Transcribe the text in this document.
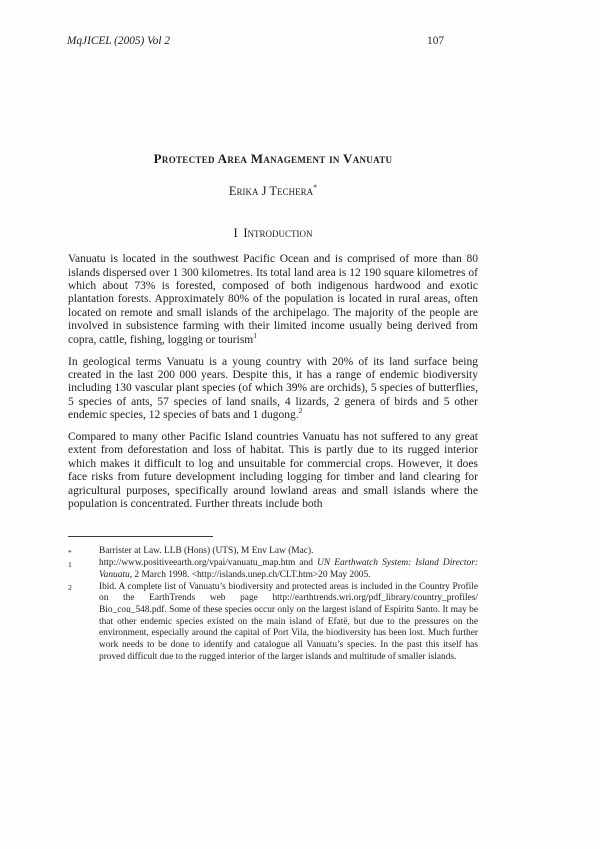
MqJICEL (2005) Vol 2	107
Protected Area Management in Vanuatu
Erika J Techera*
I Introduction

Vanuatu is located in the southwest Pacific Ocean and is comprised of more than 80 islands dispersed over 1 300 kilometres. Its total land area is 12 190 square kilometres of which about 73% is forested, composed of both indigenous hardwood and exotic plantation forests. Approximately 80% of the population is located in rural areas, often located on remote and small islands of the archipelago. The majority of the people are involved in subsistence farming with their limited income usually being derived from copra, cattle, fishing, logging or tourism$^1$

In geological terms Vanuatu is a young country with 20% of its land surface being created in the last 200 000 years. Despite this, it has a range of endemic biodiversity including 130 vascular plant species (of which 39% are orchids), 5 species of butterflies, 5 species of ants, 57 species of land snails, 4 lizards, 2 genera of birds and 5 other endemic species, 12 species of bats and 1 dugong.$^2$

Compared to many other Pacific Island countries Vanuatu has not suffered to any great extent from deforestation and loss of habitat. This is partly due to its rugged interior which makes it difficult to log and unsuitable for commercial crops. However, it does face risks from future development including logging for timber and land clearing for agricultural purposes, specifically around lowland areas and small islands where the population is concentrated. Further threats include both

*	Barrister at Law. LLB (Hons) (UTS), M Env Law (Mac).
1	http://www.positiveearth.org/vpai/vanuatu_map.htm and UN Earthwatch System: Island Director: Vanuatu, 2 March 1998. <http://islands.unep.ch/CLT.htm>20 May 2005.
2	Ibid. A complete list of Vanuatu’s biodiversity and protected areas is included in the Country Profile on the EarthTrends web page http://earthtrends.wri.org/pdf_library/country_profiles/ Bio_cou_548.pdf. Some of these species occur only on the largest island of Espiritu Santo. It may be that other endemic species existed on the main island of Efatë, but due to the pressures on the environment, especially around the capital of Port Vila, the biodiversity has been lost. Much further work needs to be done to identify and catalogue all Vanuatu’s species. In the past this itself has proved difficult due to the rugged interior of the larger islands and multitude of smaller islands.
